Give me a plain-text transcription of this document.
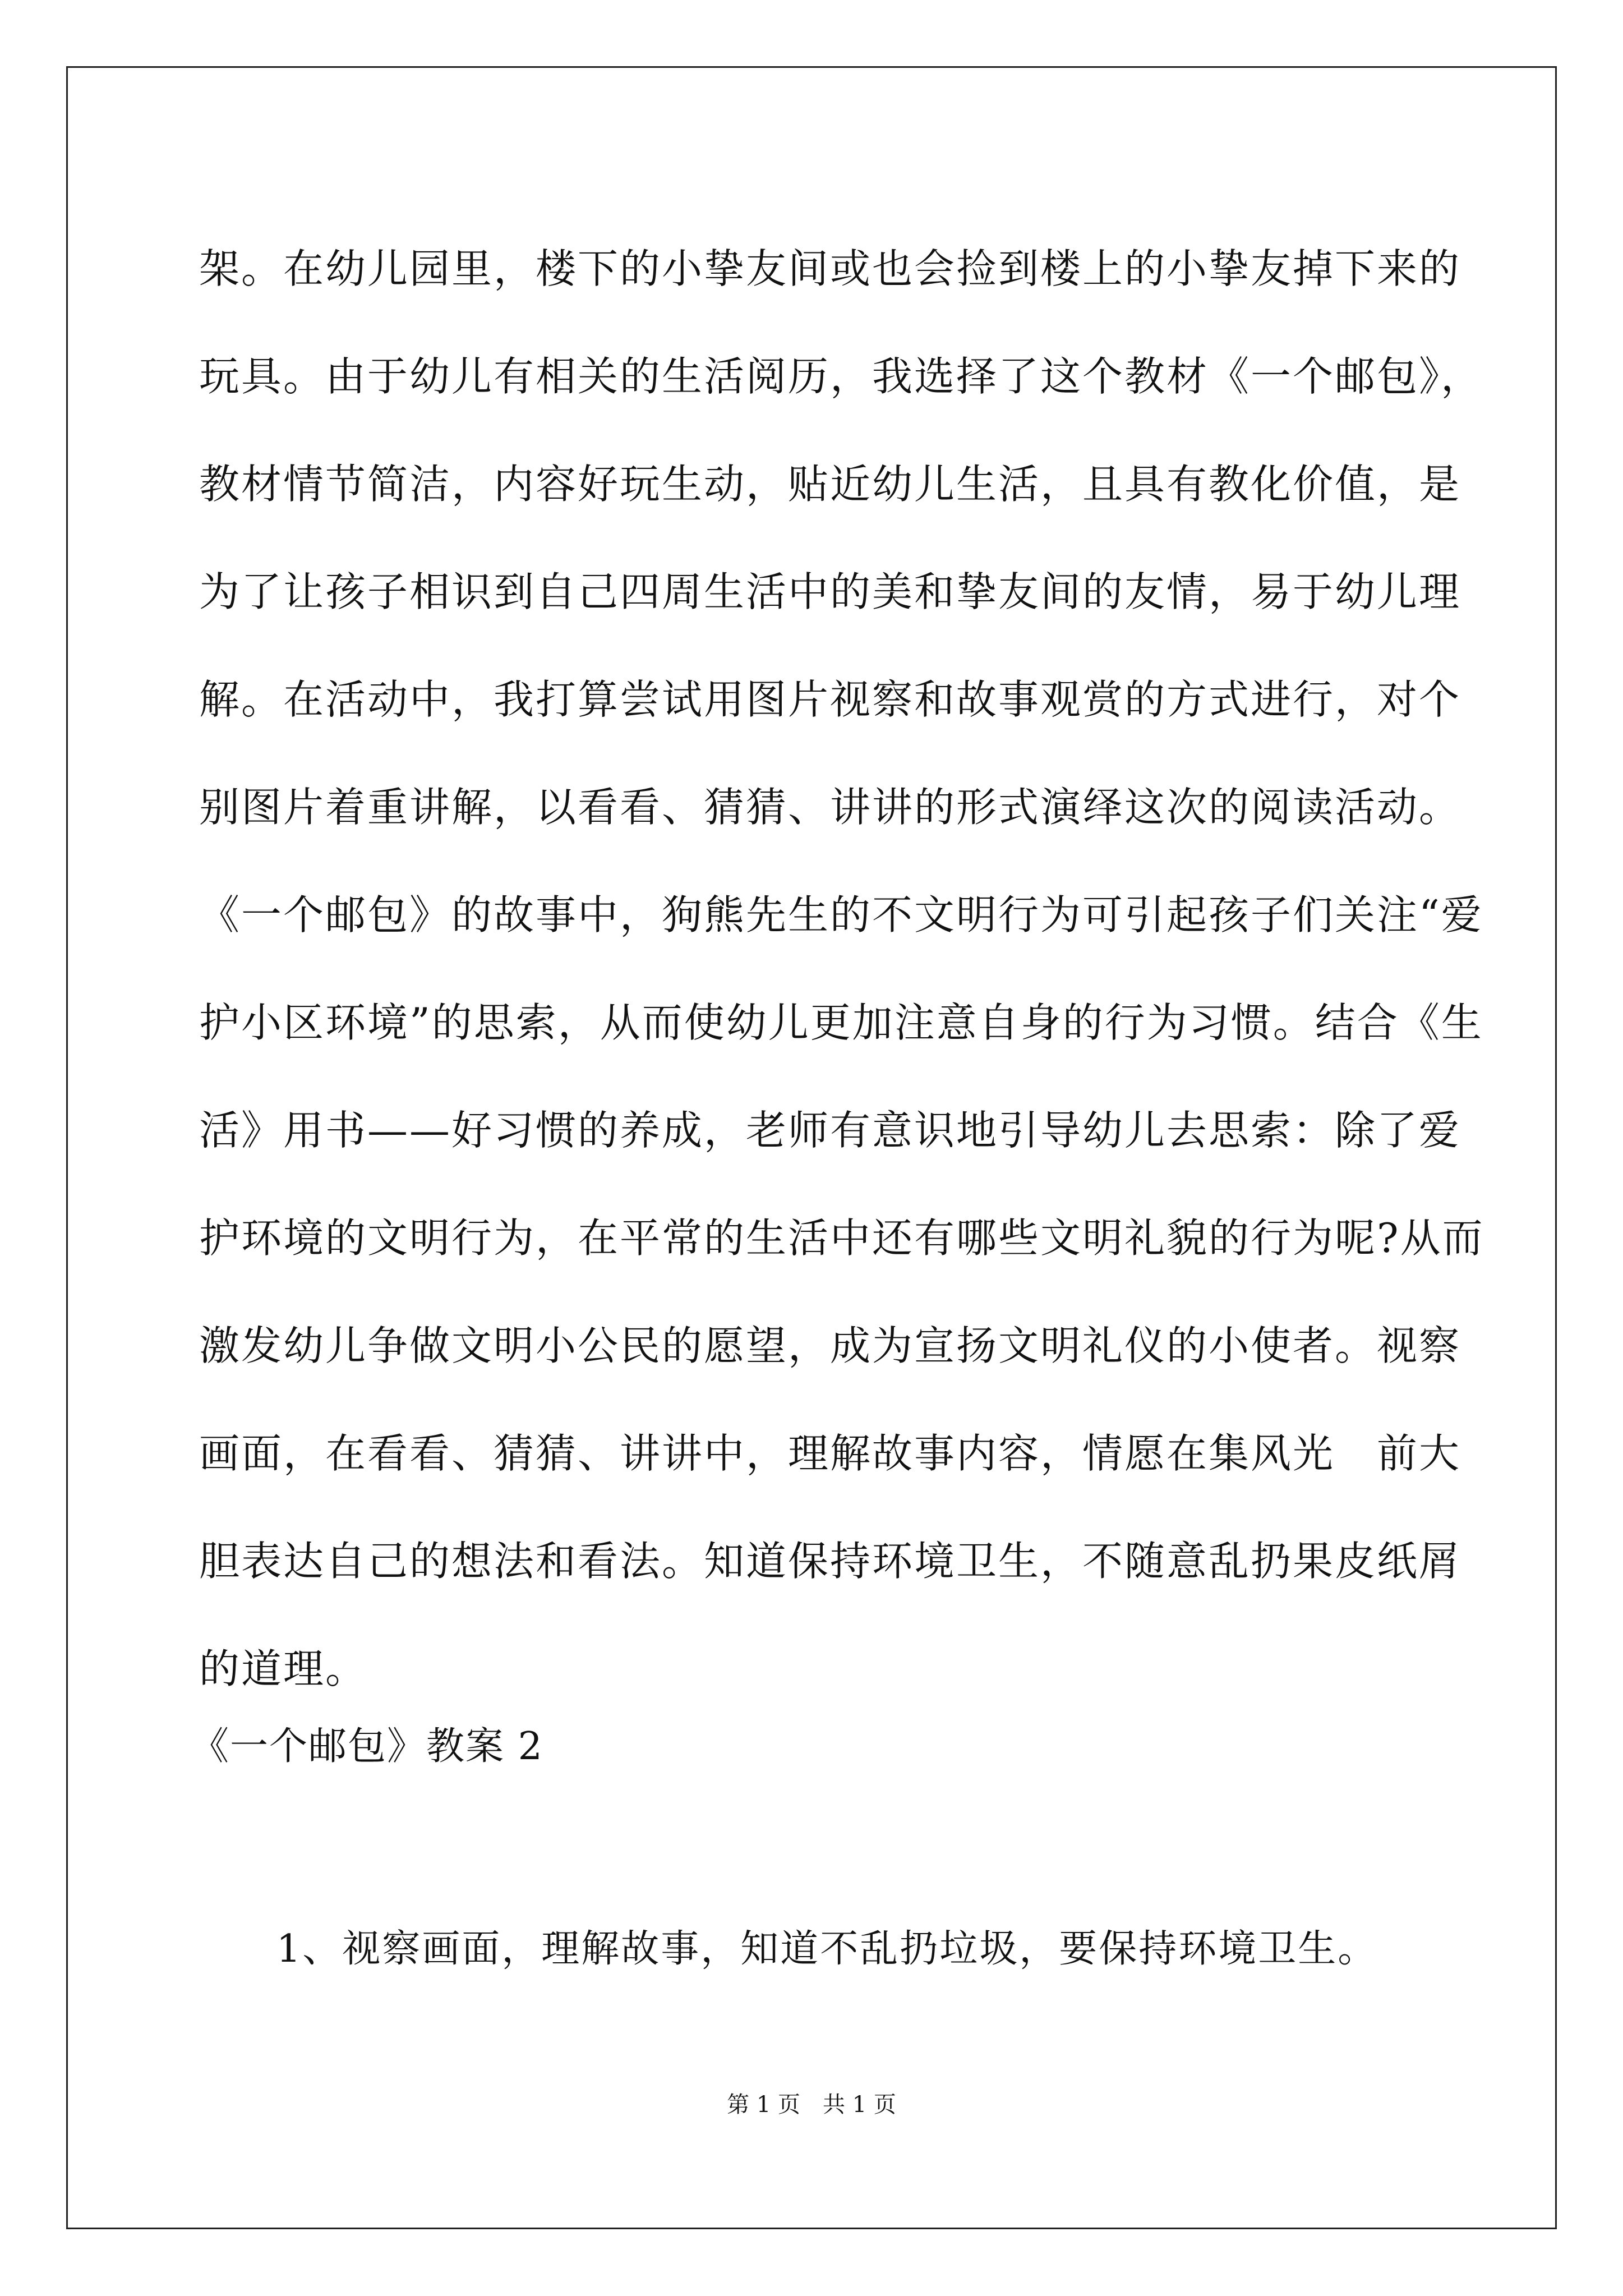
架。在幼儿园里，楼下的小挚友间或也会捡到楼上的小挚友掉下来的
玩具。由于幼儿有相关的生活阅历，我选择了这个教材《一个邮包》，
教材情节简洁，内容好玩生动，贴近幼儿生活，且具有教化价值，是
为了让孩子相识到自己四周生活中的美和挚友间的友情，易于幼儿理
解。在活动中，我打算尝试用图片视察和故事观赏的方式进行，对个
别图片着重讲解，以看看、猜猜、讲讲的形式演绎这次的阅读活动。
《一个邮包》的故事中，狗熊先生的不文明行为可引起孩子们关注“爱
护小区环境”的思索，从而使幼儿更加注意自身的行为习惯。结合《生
活》用书——好习惯的养成，老师有意识地引导幼儿去思索：除了爱
护环境的文明行为，在平常的生活中还有哪些文明礼貌的行为呢?从而
激发幼儿争做文明小公民的愿望，成为宣扬文明礼仪的小使者。视察
画面，在看看、猜猜、讲讲中，理解故事内容，情愿在集风光　前大
胆表达自己的想法和看法。知道保持环境卫生，不随意乱扔果皮纸屑
的道理。
《一个邮包》教案 2
1、视察画面，理解故事，知道不乱扔垃圾，要保持环境卫生。
第 1 页　共 1 页
